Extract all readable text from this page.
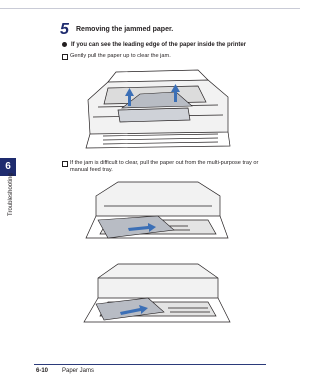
6
Troubleshooting
5 Removing the jammed paper.
If you can see the leading edge of the paper inside the printer
Gently pull the paper up to clear the jam.
If the jam is difficult to clear, pull the paper out from the multi-purpose tray or manual feed tray.
6-10 Paper Jams
